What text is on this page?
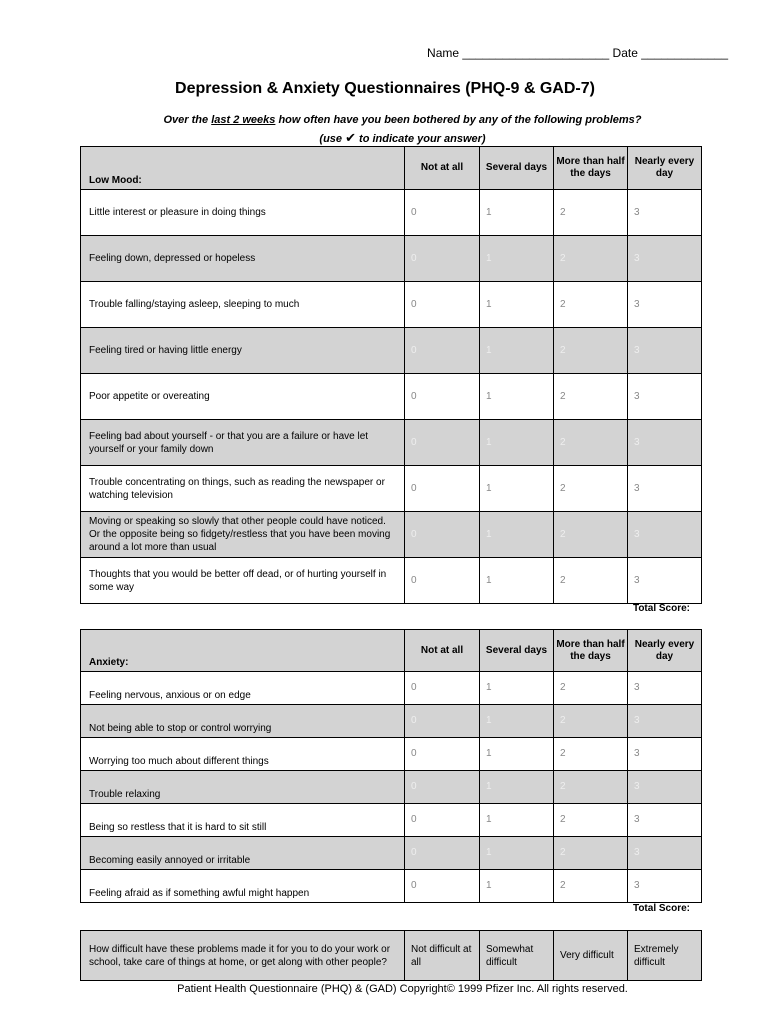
Name ______________________ Date _____________
Depression & Anxiety Questionnaires (PHQ-9 & GAD-7)
Over the last 2 weeks how often have you been bothered by any of the following problems?
(use ✔ to indicate your answer)
Low Mood:	Not at all	Several days	More than half the days	Nearly every day
Little interest or pleasure in doing things	0	1	2	3
Feeling down, depressed or hopeless	0	1	2	3
Trouble falling/staying asleep, sleeping to much	0	1	2	3
Feeling tired or having little energy	0	1	2	3
Poor appetite or overeating	0	1	2	3
Feeling bad about yourself - or that you are a failure or have let yourself or your family down	0	1	2	3
Trouble concentrating on things, such as reading the newspaper or watching television	0	1	2	3
Moving or speaking so slowly that other people could have noticed. Or the opposite being so fidgety/restless that you have been moving around a lot more than usual	0	1	2	3
Thoughts that you would be better off dead, or of hurting yourself in some way	0	1	2	3
Total Score:
Anxiety:	Not at all	Several days	More than half the days	Nearly every day
Feeling nervous, anxious or on edge	0	1	2	3
Not being able to stop or control worrying	0	1	2	3
Worrying too much about different things	0	1	2	3
Trouble relaxing	0	1	2	3
Being so restless that it is hard to sit still	0	1	2	3
Becoming easily annoyed or irritable	0	1	2	3
Feeling afraid as if something awful might happen	0	1	2	3
Total Score:
How difficult have these problems made it for you to do your work or school, take care of things at home, or get along with other people?	Not difficult at all	Somewhat difficult	Very difficult	Extremely difficult
Patient Health Questionnaire (PHQ) & (GAD) Copyright© 1999 Pfizer Inc. All rights reserved.
